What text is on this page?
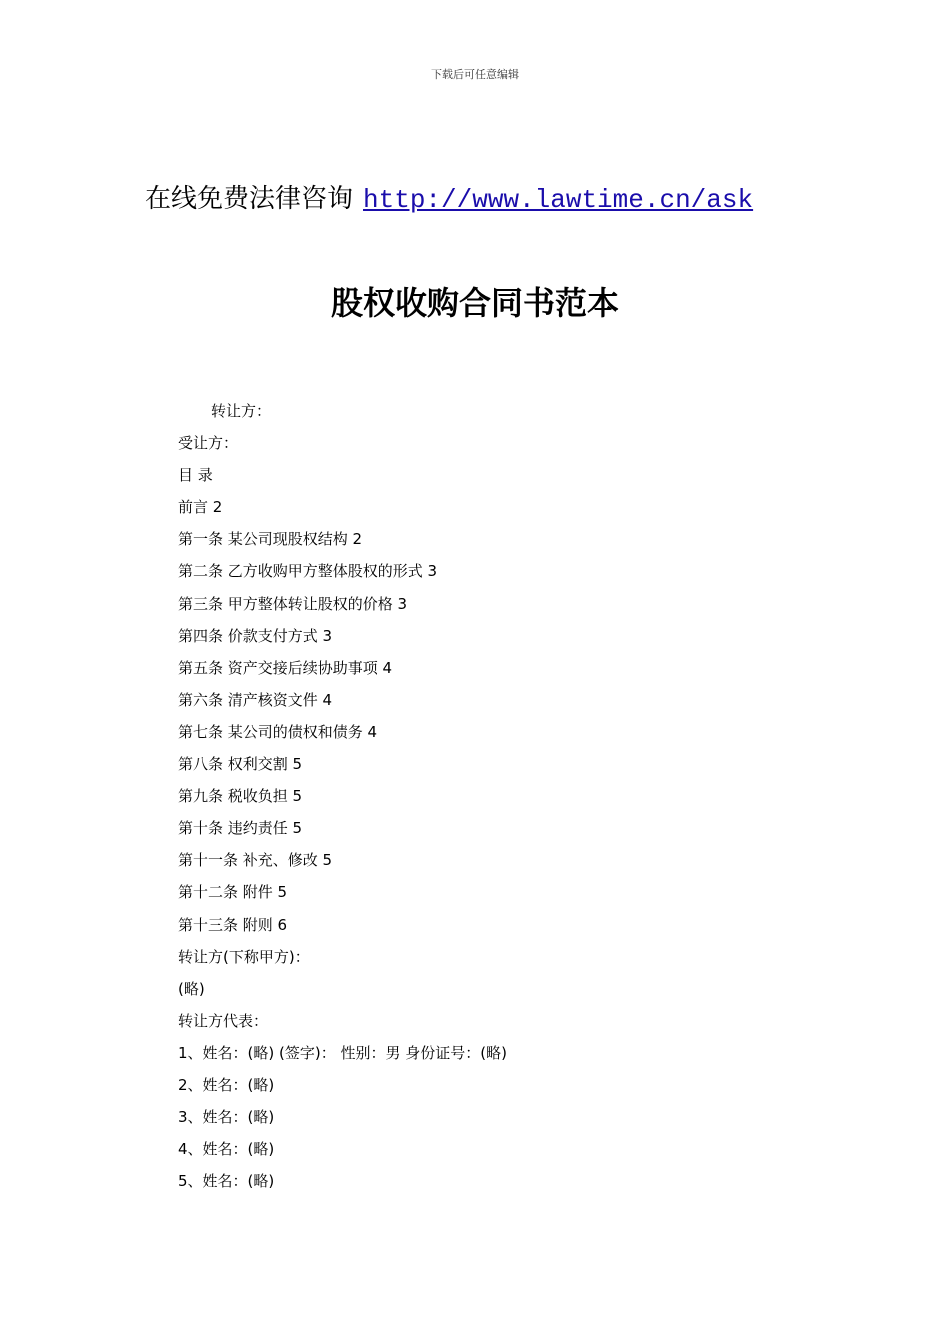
下载后可任意编辑
在线免费法律咨询 http://www.lawtime.cn/ask
股权收购合同书范本
转让方：
受让方：
目 录
前言 2
第一条 某公司现股权结构 2
第二条 乙方收购甲方整体股权的形式 3
第三条 甲方整体转让股权的价格 3
第四条 价款支付方式 3
第五条 资产交接后续协助事项 4
第六条 清产核资文件 4
第七条 某公司的债权和债务 4
第八条 权利交割 5
第九条 税收负担 5
第十条 违约责任 5
第十一条 补充、修改 5
第十二条 附件 5
第十三条 附则 6
转让方(下称甲方)：
(略)
转让方代表：
1、姓名：(略) (签字)： 性别：男 身份证号：(略)
2、姓名：(略)
3、姓名：(略)
4、姓名：(略)
5、姓名：(略)
